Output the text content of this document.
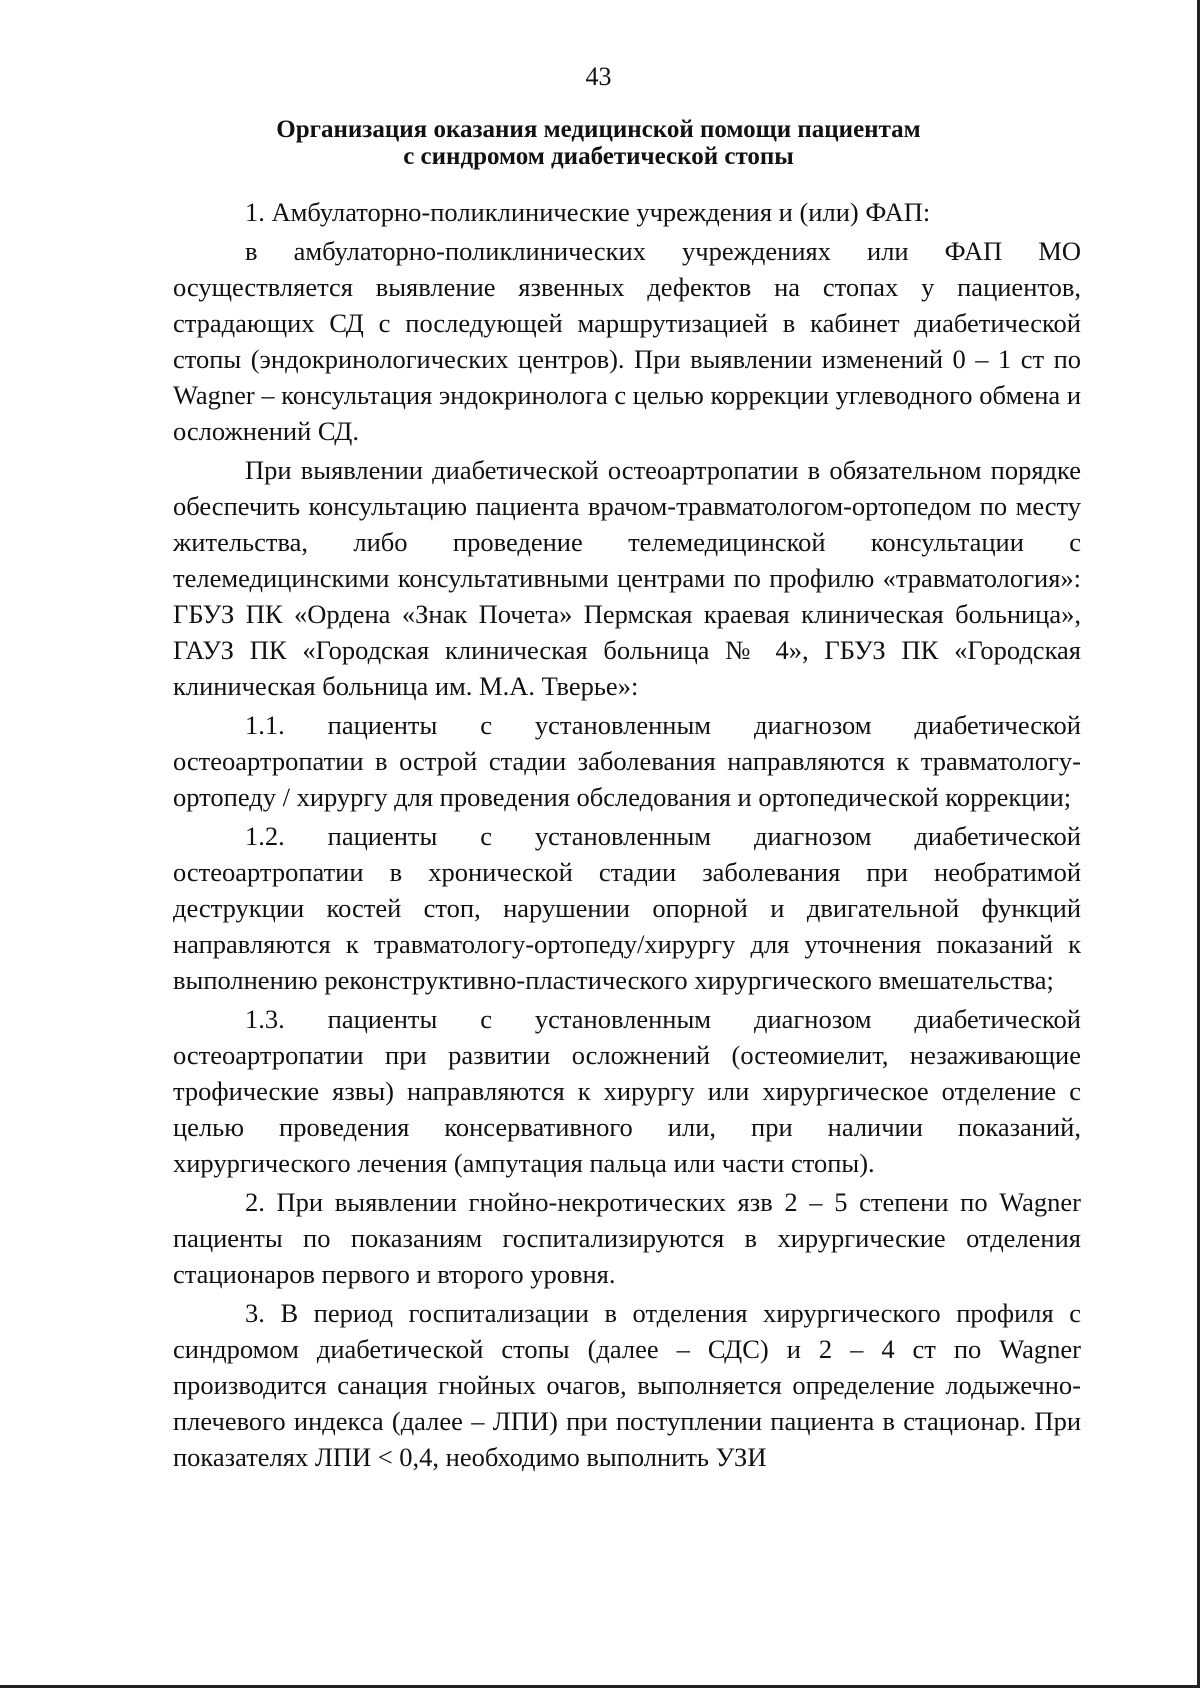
43
Организация оказания медицинской помощи пациентам
с синдромом диабетической стопы

1. Амбулаторно-поликлинические учреждения и (или) ФАП:

в амбулаторно-поликлинических учреждениях или ФАП МО осуществляется выявление язвенных дефектов на стопах у пациентов, страдающих СД с последующей маршрутизацией в кабинет диабетической стопы (эндокринологических центров). При выявлении изменений 0 – 1 ст по Wagner – консультация эндокринолога с целью коррекции углеводного обмена и осложнений СД.

При выявлении диабетической остеоартропатии в обязательном порядке обеспечить консультацию пациента врачом-травматологом-ортопедом по месту жительства, либо проведение телемедицинской консультации с телемедицинскими консультативными центрами по профилю «травматология»: ГБУЗ ПК «Ордена «Знак Почета» Пермская краевая клиническая больница», ГАУЗ ПК «Городская клиническая больница № 4», ГБУЗ ПК «Городская клиническая больница им. М.А. Тверье»:

1.1. пациенты с установленным диагнозом диабетической остеоартропатии в острой стадии заболевания направляются к травматологу-ортопеду / хирургу для проведения обследования и ортопедической коррекции;

1.2. пациенты с установленным диагнозом диабетической остеоартропатии в хронической стадии заболевания при необратимой деструкции костей стоп, нарушении опорной и двигательной функций направляются к травматологу-ортопеду/хирургу для уточнения показаний к выполнению реконструктивно-пластического хирургического вмешательства;

1.3. пациенты с установленным диагнозом диабетической остеоартропатии при развитии осложнений (остеомиелит, незаживающие трофические язвы) направляются к хирургу или хирургическое отделение с целью проведения консервативного или, при наличии показаний, хирургического лечения (ампутация пальца или части стопы).

2. При выявлении гнойно-некротических язв 2 – 5 степени по Wagner пациенты по показаниям госпитализируются в хирургические отделения стационаров первого и второго уровня.

3. В период госпитализации в отделения хирургического профиля с синдромом диабетической стопы (далее – СДС) и 2 – 4 ст по Wagner производится санация гнойных очагов, выполняется определение лодыжечно-плечевого индекса (далее – ЛПИ) при поступлении пациента в стационар. При показателях ЛПИ < 0,4, необходимо выполнить УЗИ
